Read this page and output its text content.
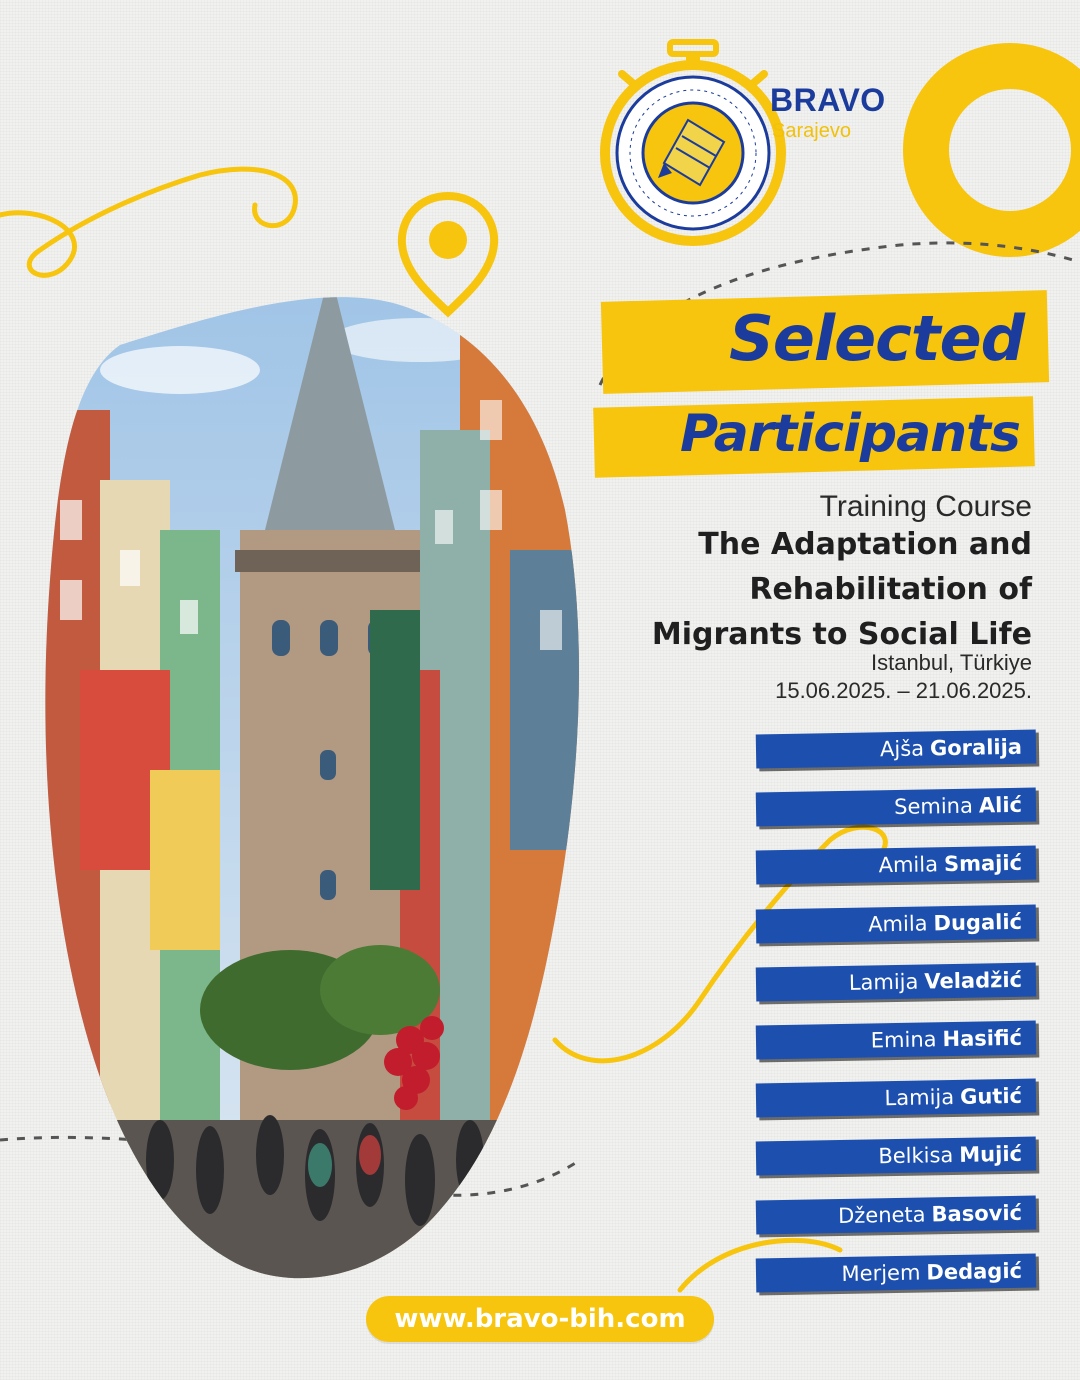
BRAVO
Sarajevo
Selected
Participants
Training Course
The Adaptation and
Rehabilitation of
Migrants to Social Life
Istanbul, Türkiye
15.06.2025. – 21.06.2025.
Ajša Goralija
Semina Alić
Amila Smajić
Amila Dugalić
Lamija Veladžić
Emina Hasifić
Lamija Gutić
Belkisa Mujić
Dženeta Basović
Merjem Dedagić
www.bravo-bih.com
